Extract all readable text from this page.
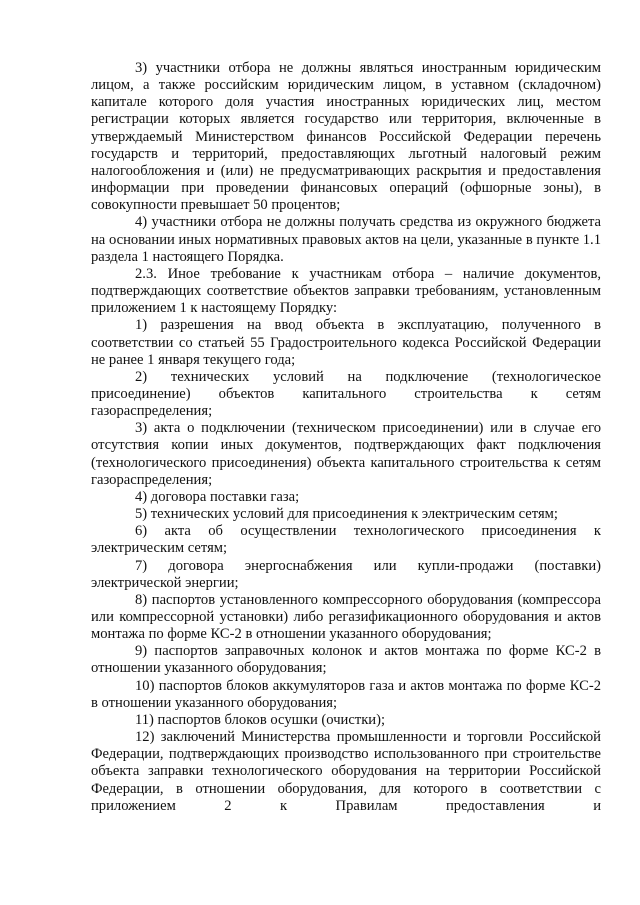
3) участники отбора не должны являться иностранным юридическим лицом, а также российским юридическим лицом, в уставном (складочном) капитале которого доля участия иностранных юридических лиц, местом регистрации которых является государство или территория, включенные в утверждаемый Министерством финансов Российской Федерации перечень государств и территорий, предоставляющих льготный налоговый режим налогообложения и (или) не предусматривающих раскрытия и предоставления информации при проведении финансовых операций (офшорные зоны), в совокупности превышает 50 процентов;

4) участники отбора не должны получать средства из окружного бюджета на основании иных нормативных правовых актов на цели, указанные в пункте 1.1 раздела 1 настоящего Порядка.

2.3. Иное требование к участникам отбора – наличие документов, подтверждающих соответствие объектов заправки требованиям, установленным приложением 1 к настоящему Порядку:

1) разрешения на ввод объекта в эксплуатацию, полученного в соответствии со статьей 55 Градостроительного кодекса Российской Федерации не ранее 1 января текущего года;

2) технических условий на подключение (технологическое присоединение) объектов капитального строительства к сетям газораспределения;

3) акта о подключении (техническом присоединении) или в случае его отсутствия копии иных документов, подтверждающих факт подключения (технологического присоединения) объекта капитального строительства к сетям газораспределения;

4) договора поставки газа;

5) технических условий для присоединения к электрическим сетям;

6) акта об осуществлении технологического присоединения к электрическим сетям;

7) договора энергоснабжения или купли-продажи (поставки) электрической энергии;

8) паспортов установленного компрессорного оборудования (компрессора или компрессорной установки) либо регазификационного оборудования и актов монтажа по форме КС-2 в отношении указанного оборудования;

9) паспортов заправочных колонок и актов монтажа по форме КС-2 в отношении указанного оборудования;

10) паспортов блоков аккумуляторов газа и актов монтажа по форме КС-2 в отношении указанного оборудования;

11) паспортов блоков осушки (очистки);

12) заключений Министерства промышленности и торговли Российской Федерации, подтверждающих производство использованного при строительстве объекта заправки технологического оборудования на территории Российской Федерации, в отношении оборудования, для которого в соответствии с приложением 2 к Правилам предоставления и
